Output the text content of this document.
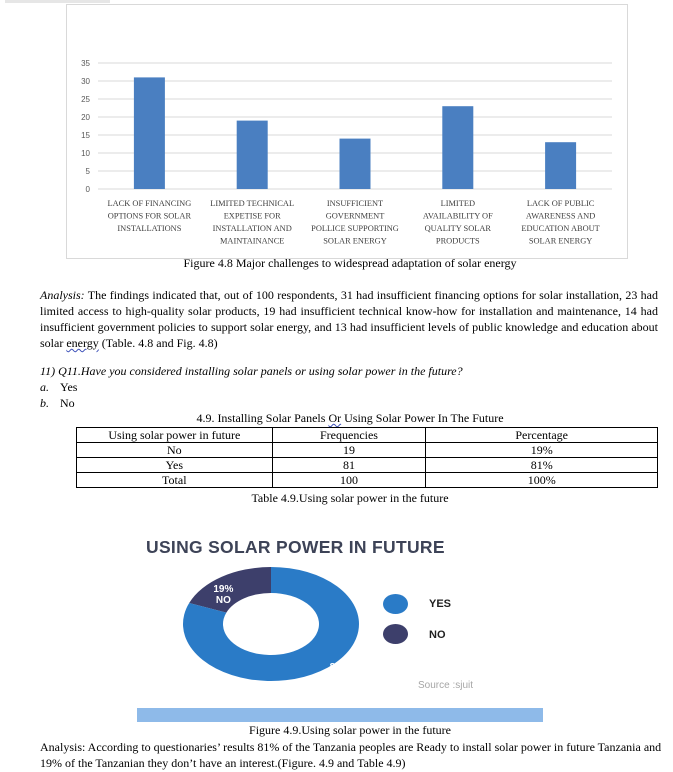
0
5
10
15
20
25
30
35
LACK OF FINANCING
OPTIONS FOR SOLAR
INSTALLATIONS
LIMITED TECHNICAL
EXPETISE FOR
INSTALLATION AND
MAINTAINANCE
INSUFFICIENT
GOVERNMENT
POLLICE SUPPORTING
SOLAR ENERGY
LIMITED
AVAILABILITY OF
QUALITY SOLAR
PRODUCTS
LACK OF PUBLIC
AWARENESS AND
EDUCATION ABOUT
SOLAR ENERGY
Figure 4.8 Major challenges to widespread adaptation of solar energy
Analysis: The findings indicated that, out of 100 respondents, 31 had insufficient financing options for solar installation, 23 had limited access to high-quality solar products, 19 had insufficient technical know-how for installation and maintenance, 14 had insufficient government policies to support solar energy, and 13 had insufficient levels of public knowledge and education about solar energy (Table. 4.8 and Fig. 4.8)
11) Q11.Have you considered installing solar panels or using solar power in the future?
a. Yes
b. No
4.9. Installing Solar Panels Or Using Solar Power In The Future
Using solar power in future	Frequencies	Percentage
No	19	19%
Yes	81	81%
Total	100	100%
Table 4.9.Using solar power in the future
USING SOLAR POWER IN FUTURE
19%
NO
81%
YES
YES
NO
Source :sjuit
Figure 4.9.Using solar power in the future
Analysis: According to questionaries’ results 81% of the Tanzania peoples are Ready to install solar power in future Tanzania and 19% of the Tanzanian they don’t have an interest.(Figure. 4.9 and Table 4.9)
